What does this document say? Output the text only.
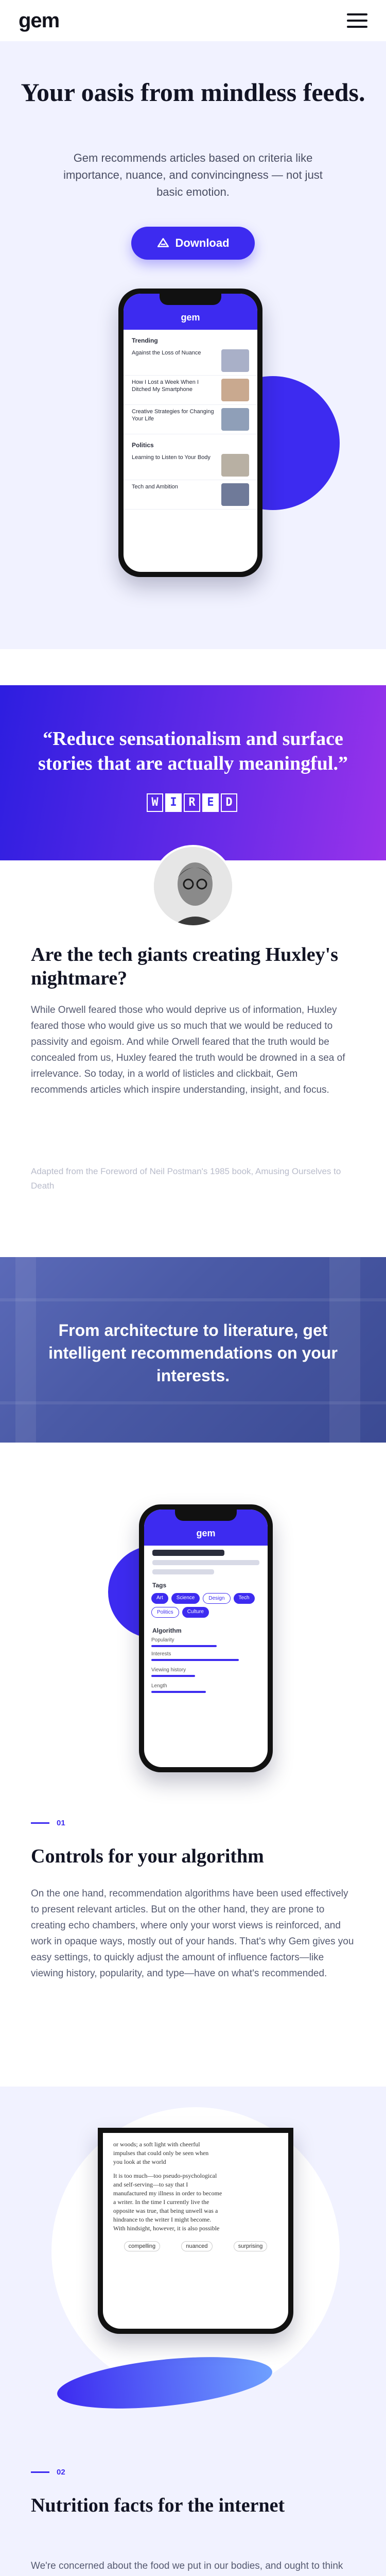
gem
Your oasis from mindless feeds.

Gem recommends articles based on criteria like importance, nuance, and convincingness — not just basic emotion.

Download
gem
Trending
Against the Loss of Nuance
How I Lost a Week When I Ditched My Smartphone
Creative Strategies for Changing Your Life
Politics
Learning to Listen to Your Body
Tech and Ambition

“Reduce sensationalism and surface stories that are actually meaningful.”

W	I	R	E	D
Are the tech giants creating Huxley's nightmare?
While Orwell feared those who would deprive us of information, Huxley feared those who would give us so much that we would be reduced to passivity and egoism. And while Orwell feared that the truth would be concealed from us, Huxley feared the truth would be drowned in a sea of irrelevance. So today, in a world of listicles and clickbait, Gem recommends articles which inspire understanding, insight, and focus.
Adapted from the Foreword of Neil Postman's 1985 book, Amusing Ourselves to Death

From architecture to literature, get intelligent recommendations on your interests.

gem
Tags
Art	Science	Design	Tech
Politics	Culture
Algorithm
Popularity
Interests
Viewing history
Length
01
Controls for your algorithm
On the one hand, recommendation algorithms have been used effectively to present relevant articles. But on the other hand, they are prone to creating echo chambers, where only your worst views is reinforced, and work in opaque ways, mostly out of your hands. That's why Gem gives you easy settings, to quickly adjust the amount of influence factors—like viewing history, popularity, and type—have on what's recommended.
or woods; a soft light with cheerful
impulses that could only be seen when
you look at the world
It is too much—too pseudo-psychological
and self-serving—to say that I
manufactured my illness in order to become
a writer. In the time I currently live the
opposite was true, that being unwell was a
hindrance to the writer I might become.
With hindsight, however, it is also possible
compelling	nuanced	surprising
02
Nutrition facts for the internet
We're concerned about the food we put in our bodies, and ought to think
